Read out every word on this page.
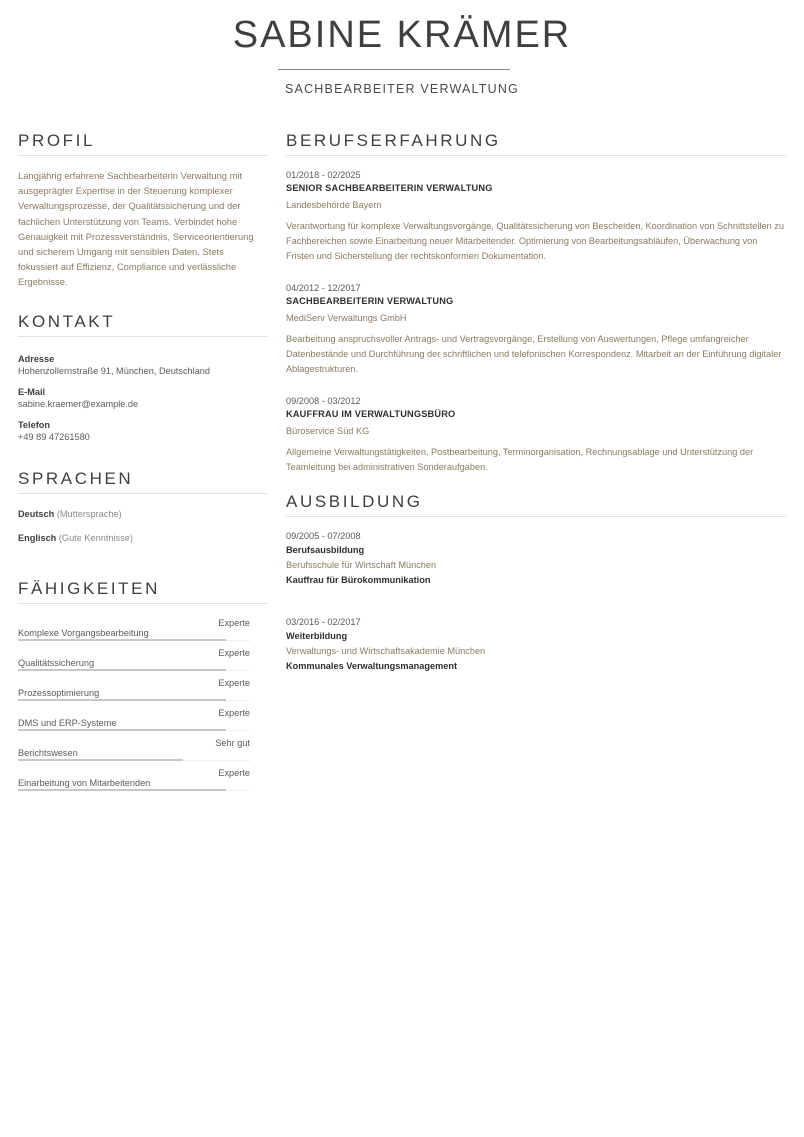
SABINE KRÄMER
SACHBEARBEITER VERWALTUNG
PROFIL
Langjährig erfahrene Sachbearbeiterin Verwaltung mit ausgeprägter Expertise in der Steuerung komplexer Verwaltungsprozesse, der Qualitätssicherung und der fachlichen Unterstützung von Teams. Verbindet hohe Genauigkeit mit Prozessverständnis, Serviceorientierung und sicherem Umgang mit sensiblen Daten. Stets fokussiert auf Effizienz, Compliance und verlässliche Ergebnisse.
KONTAKT
Adresse
Hohenzollernstraße 91, München, Deutschland
E-Mail
sabine.kraemer@example.de
Telefon
+49 89 47261580
SPRACHEN
Deutsch (Muttersprache)
Englisch (Gute Kenntnisse)
FÄHIGKEITEN
Komplexe Vorgangsbearbeitung
Experte
Qualitätssicherung
Experte
Prozessoptimierung
Experte
DMS und ERP-Systeme
Experte
Berichtswesen
Sehr gut
Einarbeitung von Mitarbeitenden
Experte
BERUFSERFAHRUNG
01/2018 - 02/2025
SENIOR SACHBEARBEITERIN VERWALTUNG
Landesbehörde Bayern
Verantwortung für komplexe Verwaltungsvorgänge, Qualitätssicherung von Bescheiden, Koordination von Schnittstellen zu Fachbereichen sowie Einarbeitung neuer Mitarbeitender. Optimierung von Bearbeitungsabläufen, Überwachung von Fristen und Sicherstellung der rechtskonformen Dokumentation.
04/2012 - 12/2017
SACHBEARBEITERIN VERWALTUNG
MediServ Verwaltungs GmbH
Bearbeitung anspruchsvoller Antrags- und Vertragsvorgänge, Erstellung von Auswertungen, Pflege umfangreicher Datenbestände und Durchführung der schriftlichen und telefonischen Korrespondenz. Mitarbeit an der Einführung digitaler Ablagestrukturen.
09/2008 - 03/2012
KAUFFRAU IM VERWALTUNGSBÜRO
Büroservice Süd KG
Allgemeine Verwaltungstätigkeiten, Postbearbeitung, Terminorganisation, Rechnungsablage und Unterstützung der Teamleitung bei administrativen Sonderaufgaben.
AUSBILDUNG
09/2005 - 07/2008
Berufsausbildung
Berufsschule für Wirtschaft München
Kauffrau für Bürokommunikation
03/2016 - 02/2017
Weiterbildung
Verwaltungs- und Wirtschaftsakademie München
Kommunales Verwaltungsmanagement
